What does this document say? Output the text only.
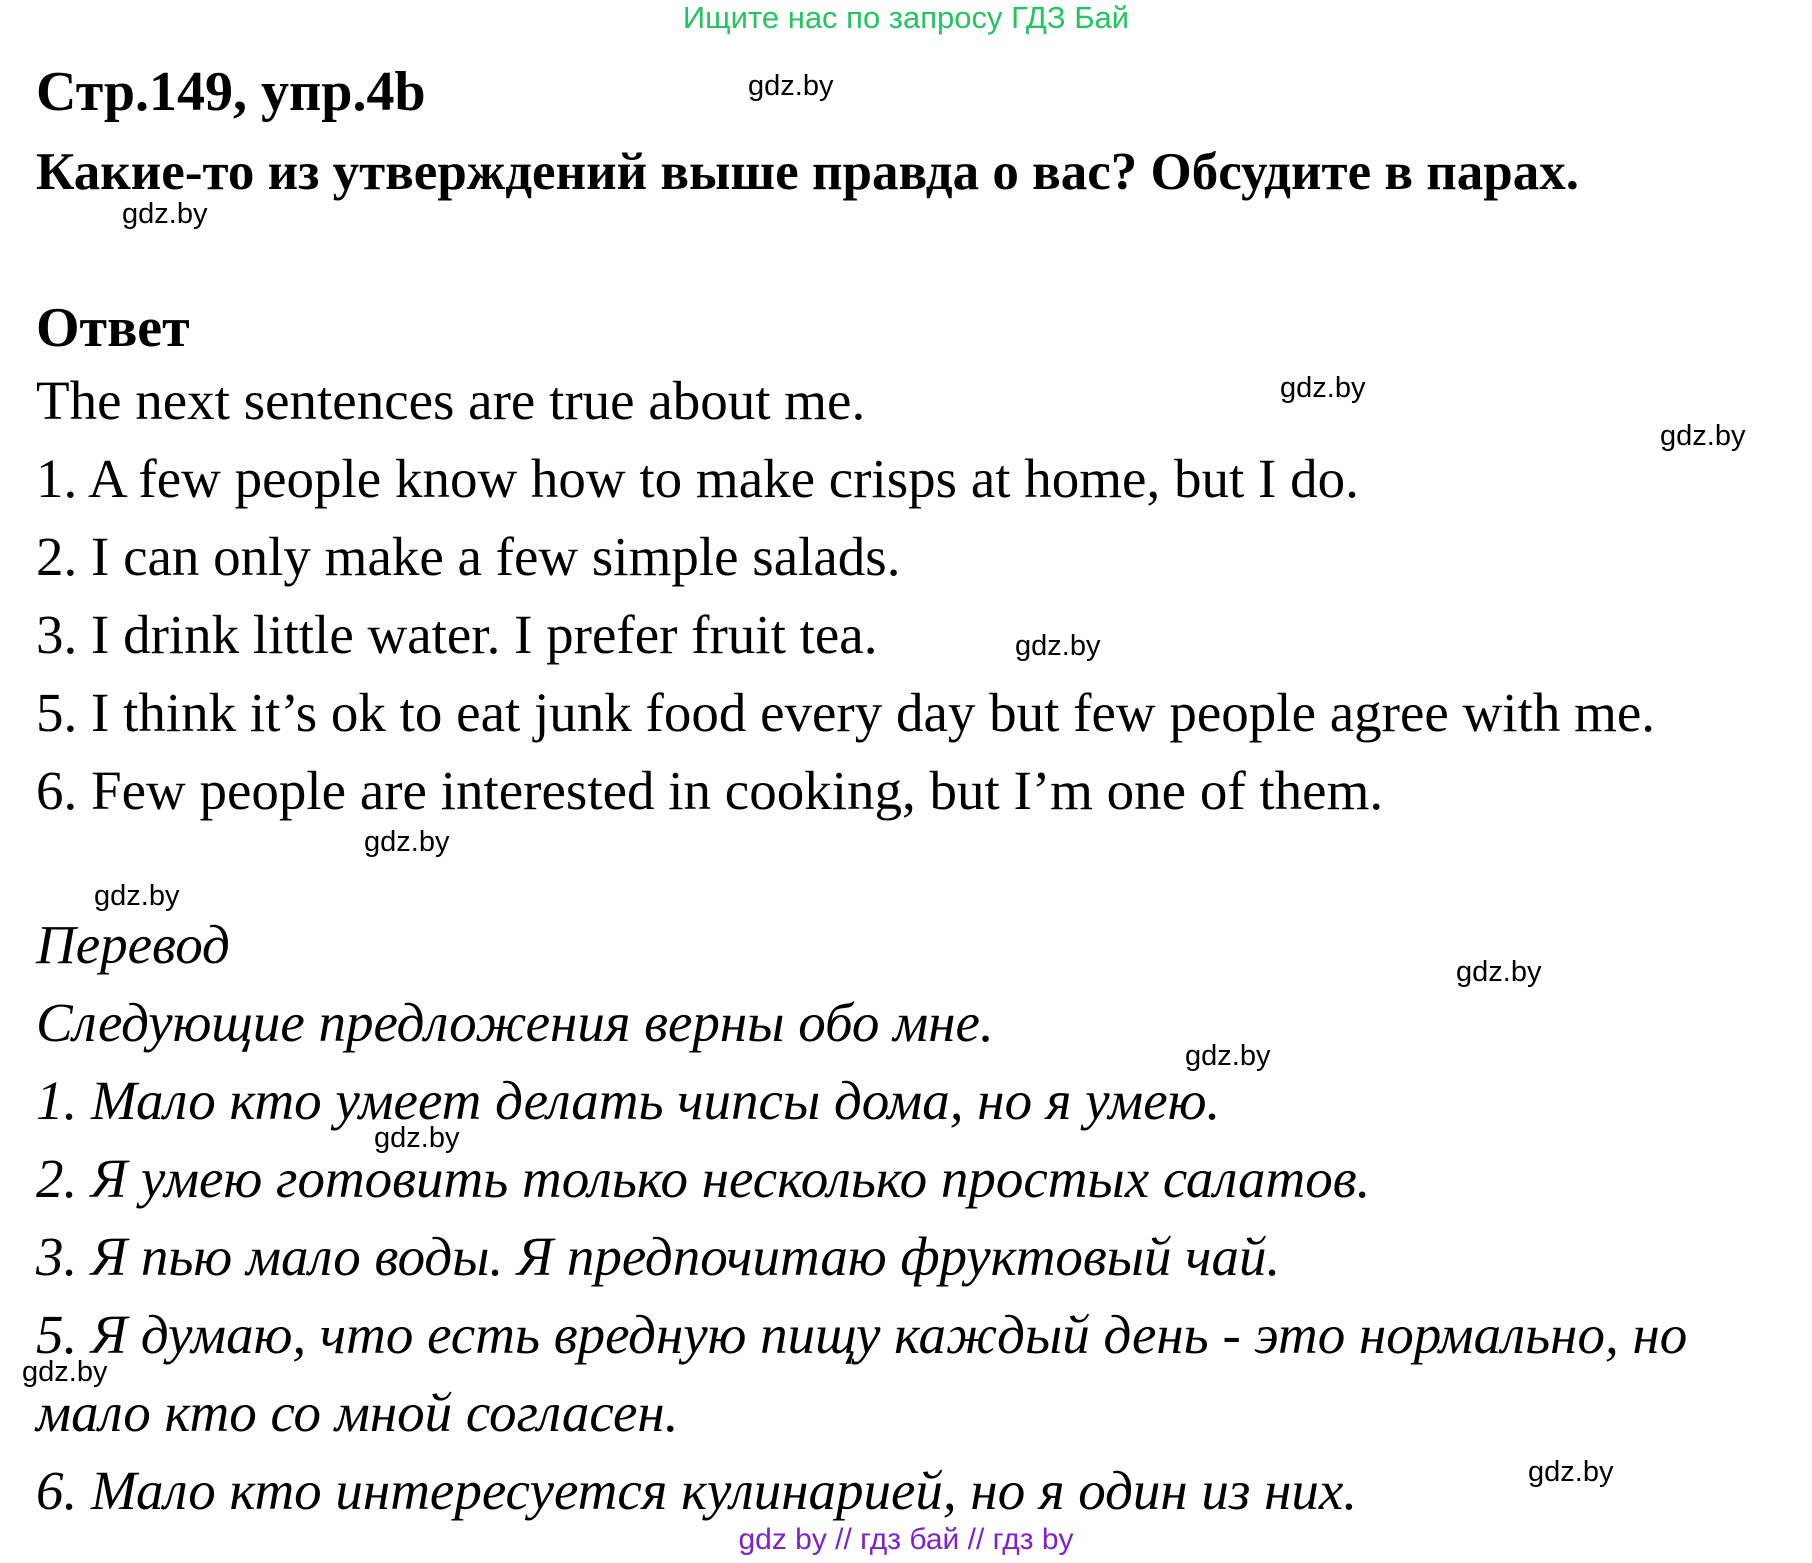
Ищите нас по запросу ГДЗ Бай
Стр.149, упр.4b
Какие-то из утверждений выше правда о вас? Обсудите в парах.
Ответ
The next sentences are true about me.
1. A few people know how to make crisps at home, but I do.
2. I can only make a few simple salads.
3. I drink little water. I prefer fruit tea.
5. I think it’s ok to eat junk food every day but few people agree with me.
6. Few people are interested in cooking, but I’m one of them.
Перевод
Следующие предложения верны обо мне.
1. Мало кто умеет делать чипсы дома, но я умею.
2. Я умею готовить только несколько простых салатов.
3. Я пью мало воды. Я предпочитаю фруктовый чай.
5. Я думаю, что есть вредную пищу каждый день - это нормально, но
мало кто со мной согласен.
6. Мало кто интересуется кулинарией, но я один из них.
gdz.by
gdz.by
gdz.by
gdz.by
gdz.by
gdz.by
gdz.by
gdz.by
gdz.by
gdz.by
gdz.by
gdz.by
gdz by // гдз бай // гдз by
